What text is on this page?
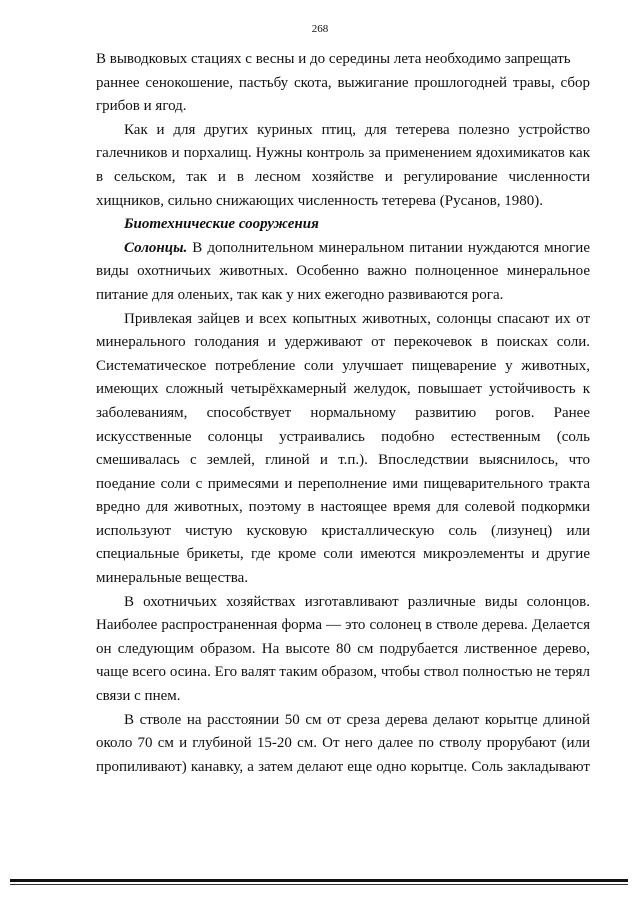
268
В выводковых стациях с весны и до середины лета необходимо запрещать
раннее сенокошение, пастьбу скота, выжигание прошлогодней травы, сбор
грибов и ягод.
Как и для других куриных птиц, для тетерева полезно устройство
галечников и порхалищ. Нужны контроль за применением ядохимикатов как
в сельском, так и в лесном хозяйстве и регулирование численности
хищников, сильно снижающих численность тетерева (Русанов, 1980).
Биотехнические сооружения
Солонцы. В дополнительном минеральном питании нуждаются многие
виды охотничьих животных. Особенно важно полноценное минеральное
питание для оленьих, так как у них ежегодно развиваются рога.
Привлекая зайцев и всех копытных животных, солонцы спасают их от
минерального голодания и удерживают от перекочевок в поисках соли.
Систематическое потребление соли улучшает пищеварение у животных,
имеющих сложный четырёхкамерный желудок, повышает устойчивость к
заболеваниям, способствует нормальному развитию рогов. Ранее
искусственные солонцы устраивались подобно естественным (соль
смешивалась с землей, глиной и т.п.). Впоследствии выяснилось, что
поедание соли с примесями и переполнение ими пищеварительного тракта
вредно для животных, поэтому в настоящее время для солевой подкормки
используют чистую кусковую кристаллическую соль (лизунец) или
специальные брикеты, где кроме соли имеются микроэлементы и другие
минеральные вещества.
В охотничьих хозяйствах изготавливают различные виды солонцов.
Наиболее распространенная форма — это солонец в стволе дерева. Делается
он следующим образом. На высоте 80 см подрубается лиственное дерево,
чаще всего осина. Его валят таким образом, чтобы ствол полностью не терял
связи с пнем.
В стволе на расстоянии 50 см от среза дерева делают корытце длиной
около 70 см и глубиной 15-20 см. От него далее по стволу прорубают (или
пропиливают) канавку, а затем делают еще одно корытце. Соль закладывают
